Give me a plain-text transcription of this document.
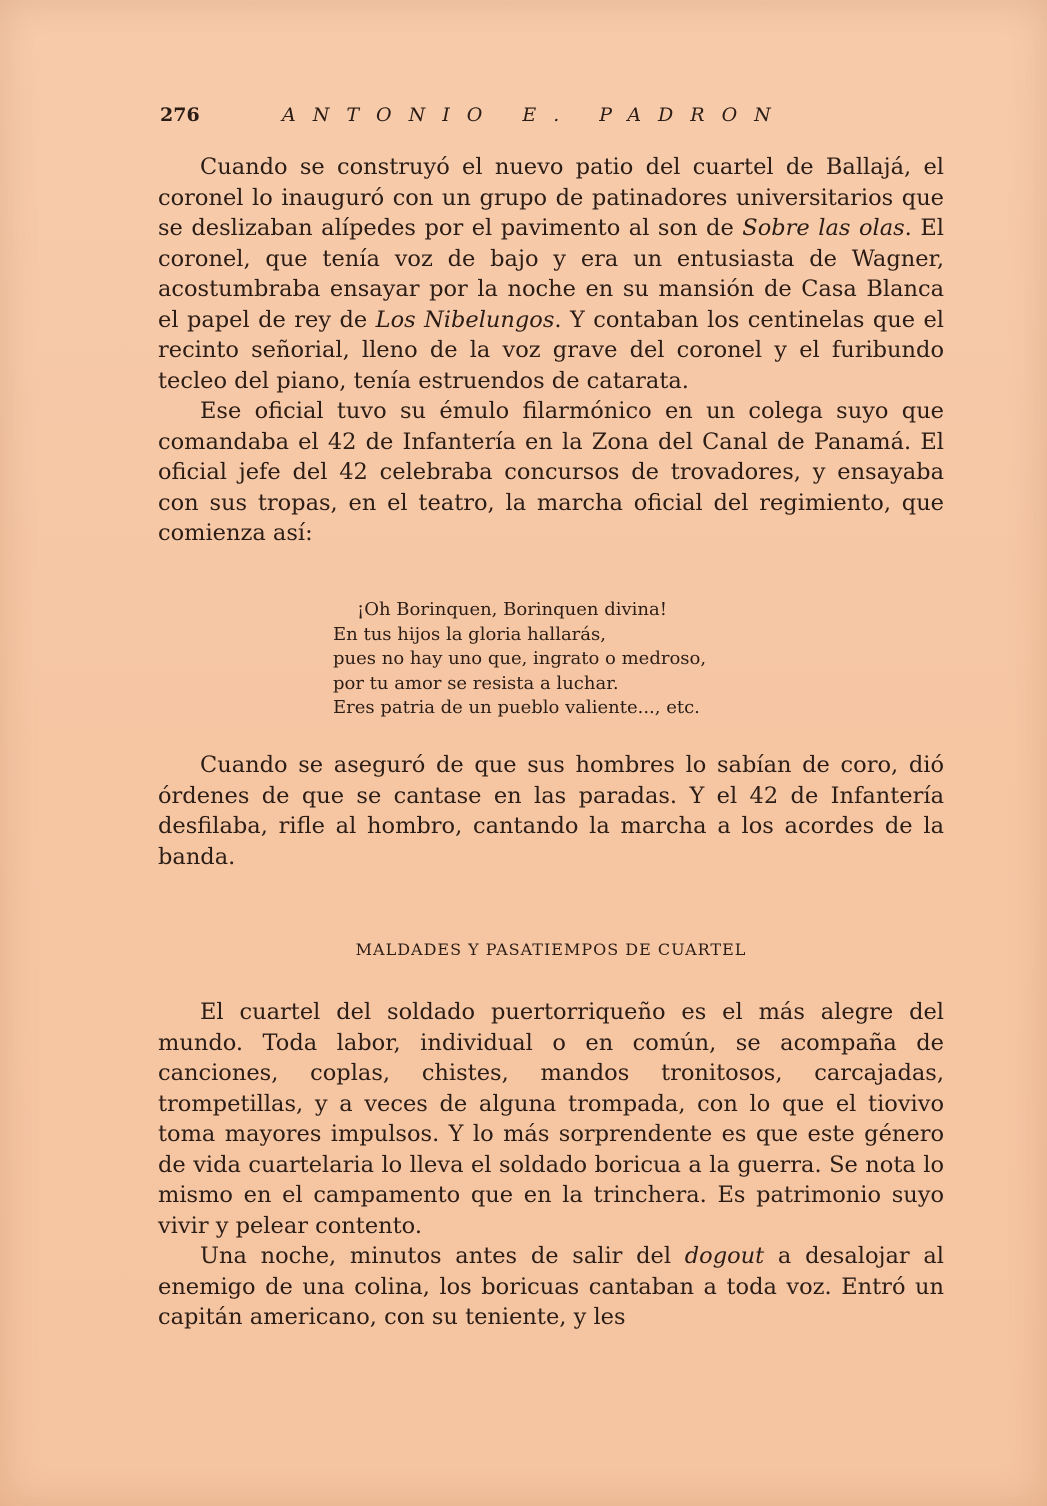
276	ANTONIO E. PADRON

Cuando se construyó el nuevo patio del cuartel de Ballajá, el coronel lo inauguró con un grupo de patinadores universitarios que se deslizaban alípedes por el pavimento al son de Sobre las olas. El coronel, que tenía voz de bajo y era un entusiasta de Wagner, acostumbraba ensayar por la noche en su mansión de Casa Blanca el papel de rey de Los Nibelungos. Y contaban los centinelas que el recinto señorial, lleno de la voz grave del coronel y el furibundo tecleo del piano, tenía estruendos de catarata.

Ese oficial tuvo su émulo filarmónico en un colega suyo que comandaba el 42 de Infantería en la Zona del Canal de Panamá. El oficial jefe del 42 celebraba concursos de trovadores, y ensayaba con sus tropas, en el teatro, la marcha oficial del regimiento, que comienza así:

¡Oh Borinquen, Borinquen divina!
En tus hijos la gloria hallarás,
pues no hay uno que, ingrato o medroso,
por tu amor se resista a luchar.
Eres patria de un pueblo valiente..., etc.

Cuando se aseguró de que sus hombres lo sabían de coro, dió órdenes de que se cantase en las paradas. Y el 42 de Infantería desfilaba, rifle al hombro, cantando la marcha a los acordes de la banda.

MALDADES Y PASATIEMPOS DE CUARTEL

El cuartel del soldado puertorriqueño es el más alegre del mundo. Toda labor, individual o en común, se acompaña de canciones, coplas, chistes, mandos tronitosos, carcajadas, trompetillas, y a veces de alguna trompada, con lo que el tiovivo toma mayores impulsos. Y lo más sorprendente es que este género de vida cuartelaria lo lleva el soldado boricua a la guerra. Se nota lo mismo en el campamento que en la trinchera. Es patrimonio suyo vivir y pelear contento.

Una noche, minutos antes de salir del dogout a desalojar al enemigo de una colina, los boricuas cantaban a toda voz. Entró un capitán americano, con su teniente, y les
